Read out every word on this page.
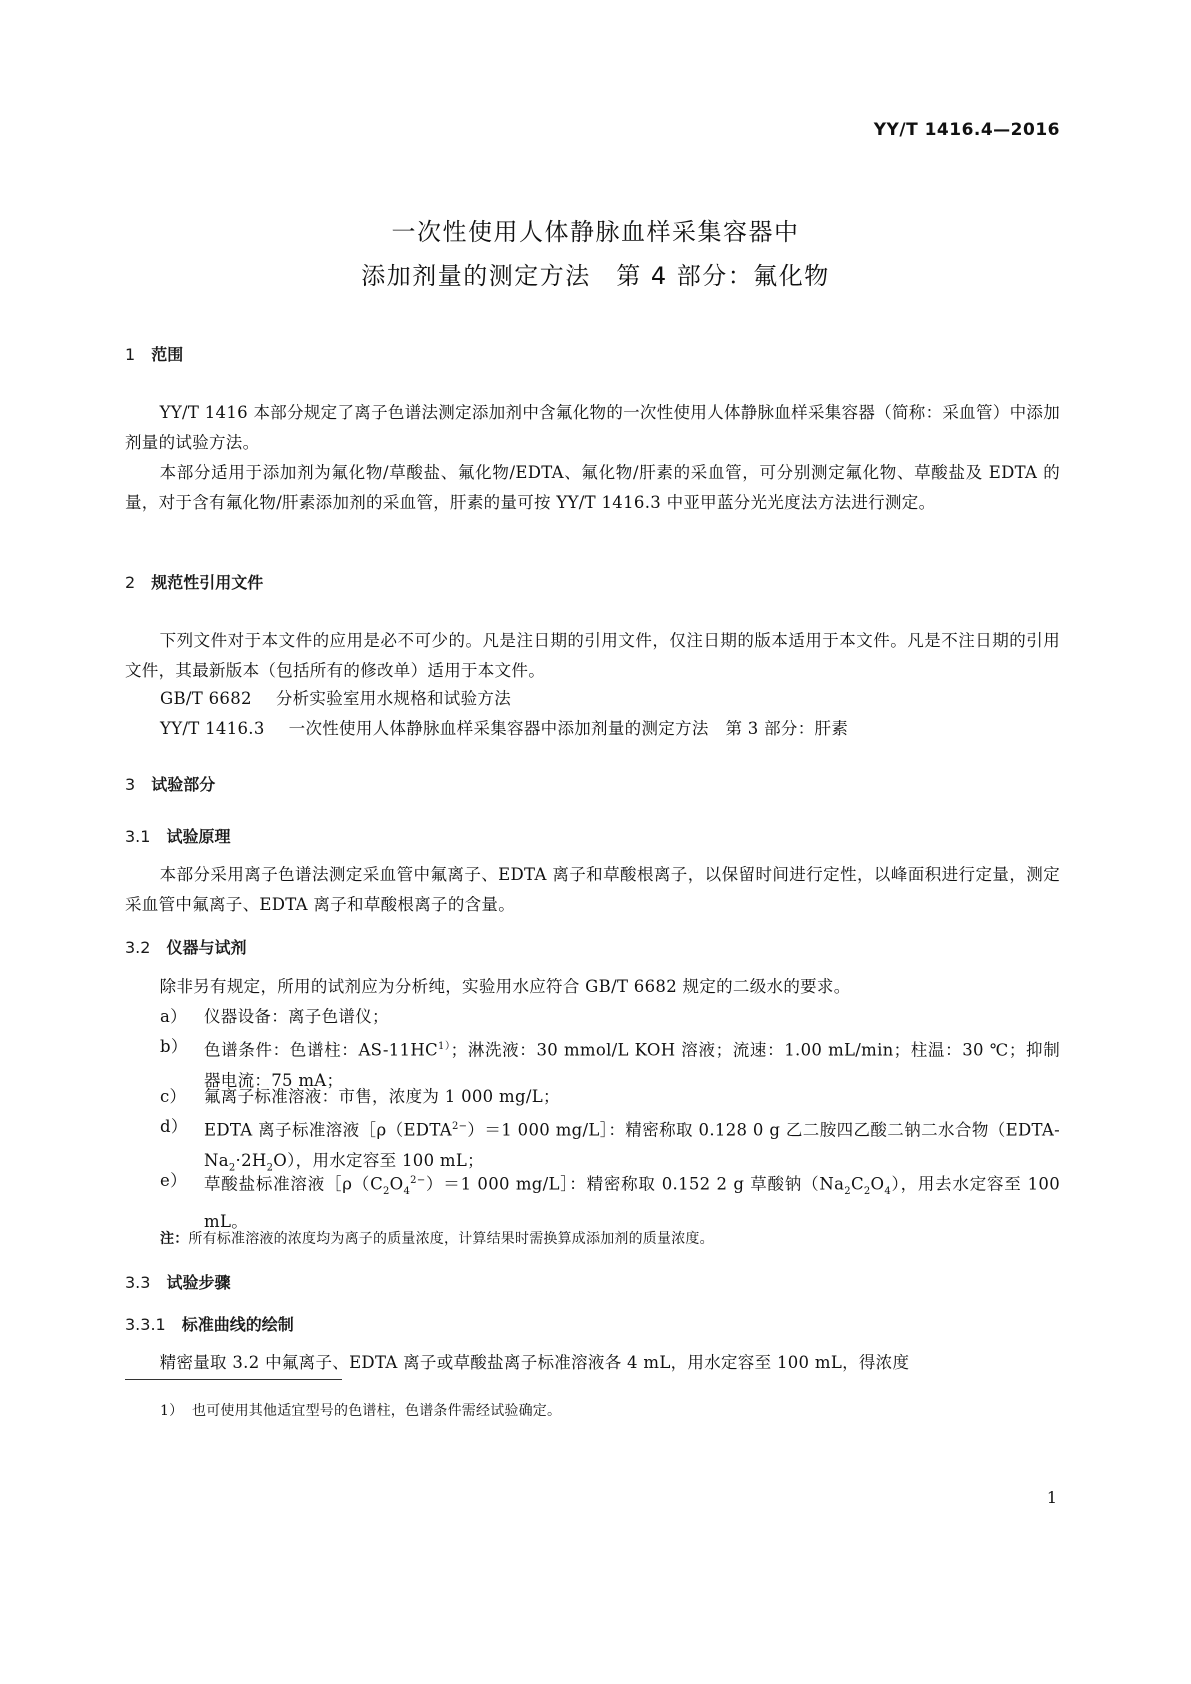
YY/T 1416.4—2016
一次性使用人体静脉血样采集容器中
添加剂量的测定方法　第 4 部分：氟化物
1 范围
YY/T 1416 本部分规定了离子色谱法测定添加剂中含氟化物的一次性使用人体静脉血样采集容器（简称：采血管）中添加剂量的试验方法。
本部分适用于添加剂为氟化物/草酸盐、氟化物/EDTA、氟化物/肝素的采血管，可分别测定氟化物、草酸盐及 EDTA 的量，对于含有氟化物/肝素添加剂的采血管，肝素的量可按 YY/T 1416.3 中亚甲蓝分光光度法方法进行测定。
2 规范性引用文件
下列文件对于本文件的应用是必不可少的。凡是注日期的引用文件，仅注日期的版本适用于本文件。凡是不注日期的引用文件，其最新版本（包括所有的修改单）适用于本文件。
GB/T 6682 分析实验室用水规格和试验方法
YY/T 1416.3 一次性使用人体静脉血样采集容器中添加剂量的测定方法　第 3 部分：肝素
3 试验部分
3.1 试验原理
本部分采用离子色谱法测定采血管中氟离子、EDTA 离子和草酸根离子，以保留时间进行定性，以峰面积进行定量，测定采血管中氟离子、EDTA 离子和草酸根离子的含量。
3.2 仪器与试剂
除非另有规定，所用的试剂应为分析纯，实验用水应符合 GB/T 6682 规定的二级水的要求。
a）	仪器设备：离子色谱仪；
b） 色谱条件：色谱柱：$AS-11HC^{1)}$；淋洗液：30 mmol/L KOH 溶液；流速：1.00 mL/min；柱温：30 ℃；抑制器电流：75 mA；
c）	氟离子标准溶液：市售，浓度为 1 000 mg/L；
d） EDTA 离子标准溶液$[\rho(EDTA^{2-})=1$ 000 mg/L］：精密称取 0.128 0 g 乙二胺四乙酸二钠二水合物$(EDTA-Na_2\cdot 2H_2O)$，用水定容至 100 mL；
e）	草酸盐标准溶液$[\rho(C_2O_4^{2-})=1$ 000 mg/L］：精密称取 0.152 2 g 草酸钠$(Na_2C_2O_4)$，用去水定容至 100 mL。
注：所有标准溶液的浓度均为离子的质量浓度，计算结果时需换算成添加剂的质量浓度。
3.3 试验步骤
3.3.1 标准曲线的绘制
精密量取 3.2 中氟离子、EDTA 离子或草酸盐离子标准溶液各 4 mL，用水定容至 100 mL，得浓度
1） 也可使用其他适宜型号的色谱柱，色谱条件需经试验确定。
1
